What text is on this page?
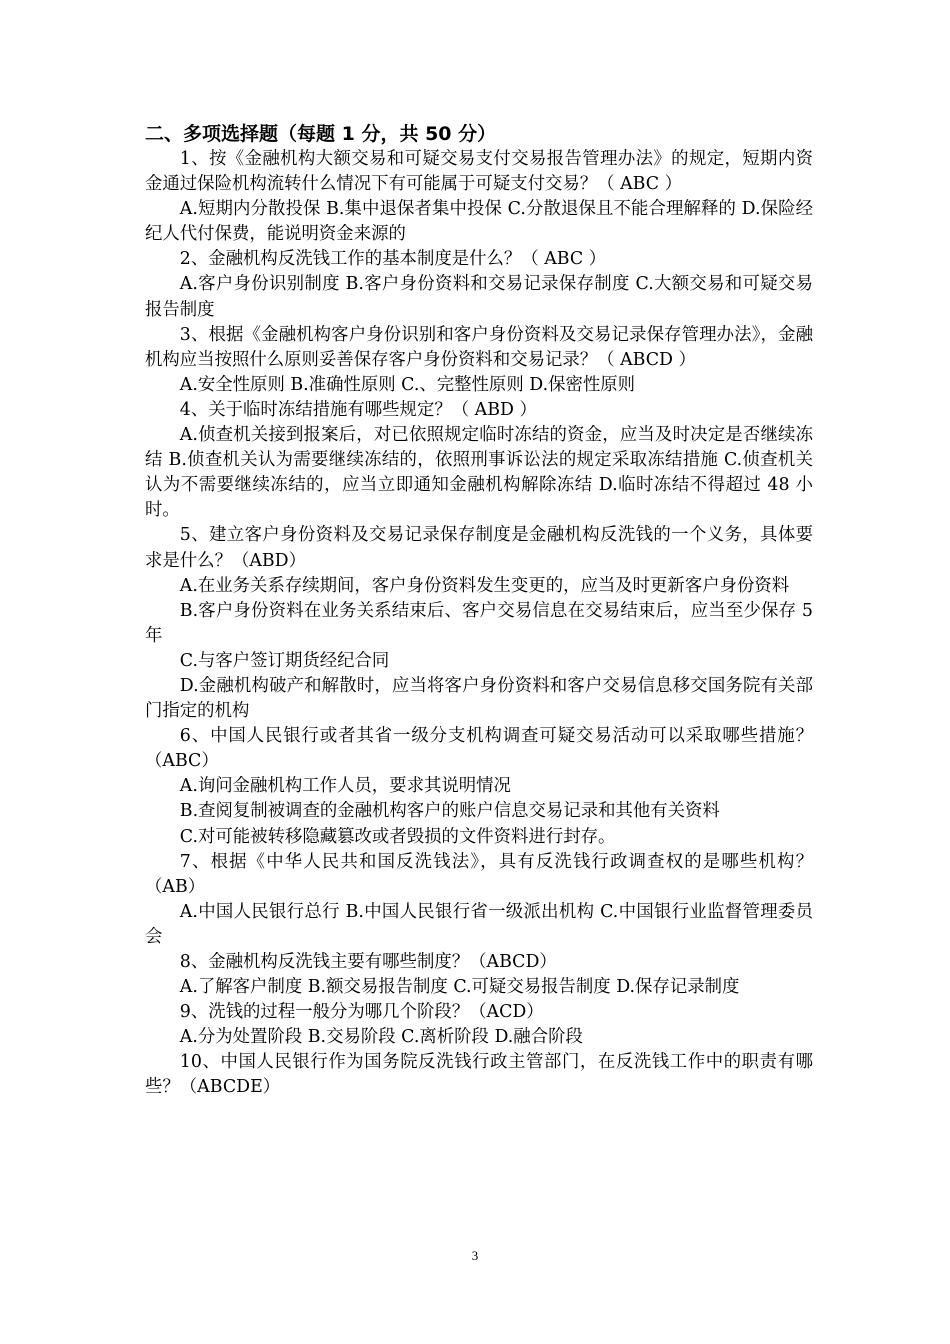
二、多项选择题（每题 1 分，共 50 分）

1、按《金融机构大额交易和可疑交易支付交易报告管理办法》的规定，短期内资金通过保险机构流转什么情况下有可能属于可疑支付交易？（ ABC ）

A.短期内分散投保 B.集中退保者集中投保 C.分散退保且不能合理解释的 D.保险经纪人代付保费，能说明资金来源的

2、金融机构反洗钱工作的基本制度是什么？（ ABC ）

A.客户身份识别制度 B.客户身份资料和交易记录保存制度 C.大额交易和可疑交易报告制度

3、根据《金融机构客户身份识别和客户身份资料及交易记录保存管理办法》，金融机构应当按照什么原则妥善保存客户身份资料和交易记录？（ ABCD ）

A.安全性原则 B.准确性原则 C.、完整性原则 D.保密性原则

4、关于临时冻结措施有哪些规定？（ ABD ）

A.侦查机关接到报案后，对已依照规定临时冻结的资金，应当及时决定是否继续冻结 B.侦查机关认为需要继续冻结的，依照刑事诉讼法的规定采取冻结措施 C.侦查机关认为不需要继续冻结的，应当立即通知金融机构解除冻结 D.临时冻结不得超过 48 小时。

5、建立客户身份资料及交易记录保存制度是金融机构反洗钱的一个义务，具体要求是什么？（ABD）

A.在业务关系存续期间，客户身份资料发生变更的，应当及时更新客户身份资料

B.客户身份资料在业务关系结束后、客户交易信息在交易结束后，应当至少保存 5 年

C.与客户签订期货经纪合同

D.金融机构破产和解散时，应当将客户身份资料和客户交易信息移交国务院有关部门指定的机构

6、中国人民银行或者其省一级分支机构调查可疑交易活动可以采取哪些措施？（ABC）

A.询问金融机构工作人员，要求其说明情况

B.查阅复制被调查的金融机构客户的账户信息交易记录和其他有关资料

C.对可能被转移隐藏篡改或者毁损的文件资料进行封存。

7、根据《中华人民共和国反洗钱法》，具有反洗钱行政调查权的是哪些机构？（AB）

A.中国人民银行总行 B.中国人民银行省一级派出机构 C.中国银行业监督管理委员会

8、金融机构反洗钱主要有哪些制度？（ABCD）

A.了解客户制度 B.额交易报告制度 C.可疑交易报告制度 D.保存记录制度

9、洗钱的过程一般分为哪几个阶段？（ACD）

A.分为处置阶段 B.交易阶段 C.离析阶段 D.融合阶段

10、中国人民银行作为国务院反洗钱行政主管部门，在反洗钱工作中的职责有哪些？（ABCDE）

3
